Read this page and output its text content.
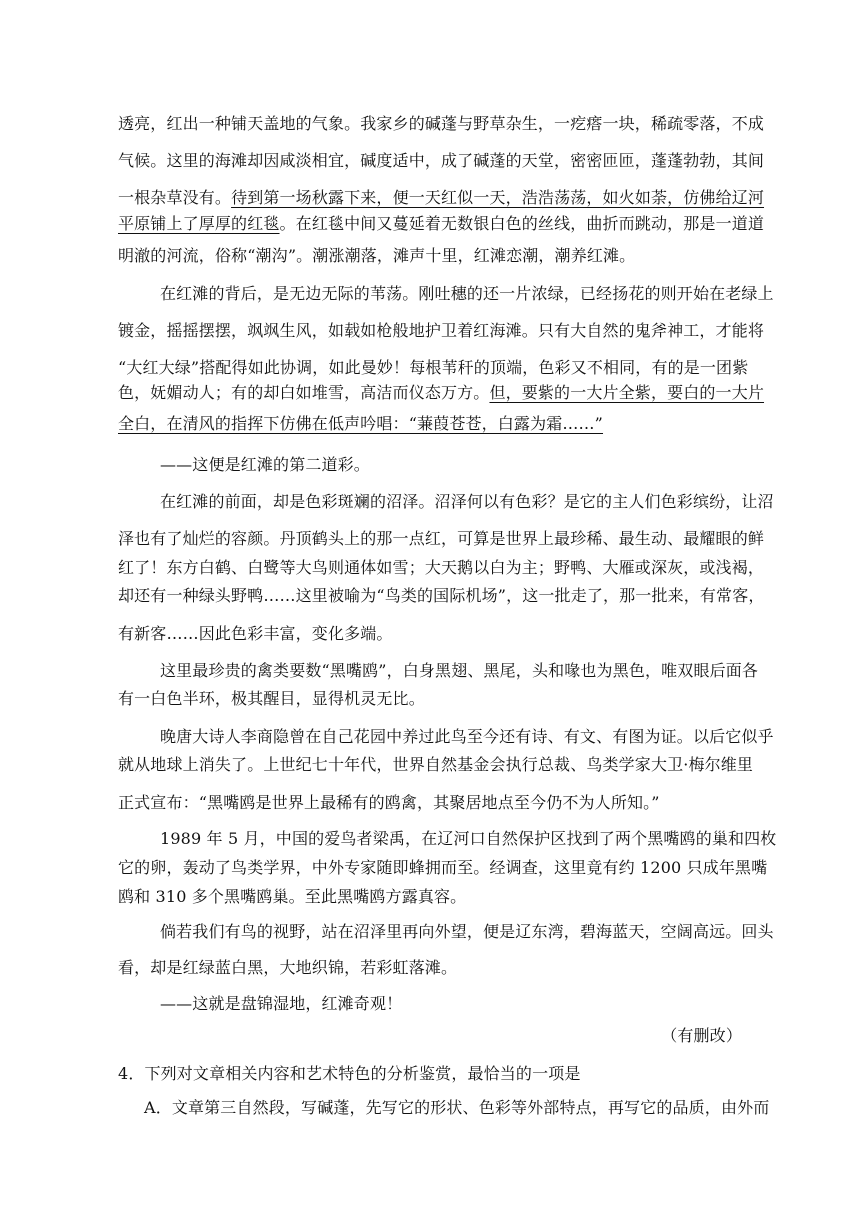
透亮，红出一种铺天盖地的气象。我家乡的碱蓬与野草杂生，一疙瘩一块，稀疏零落，不成
气候。这里的海滩却因咸淡相宜，碱度适中，成了碱蓬的天堂，密密匝匝，蓬蓬勃勃，其间
一根杂草没有。待到第一场秋露下来，便一天红似一天，浩浩荡荡，如火如荼，仿佛给辽河
平原铺上了厚厚的红毯。在红毯中间又蔓延着无数银白色的丝线，曲折而跳动，那是一道道
明澈的河流，俗称“潮沟”。潮涨潮落，滩声十里，红滩恋潮，潮养红滩。
在红滩的背后，是无边无际的苇荡。刚吐穗的还一片浓绿，已经扬花的则开始在老绿上
镀金，摇摇摆摆，飒飒生风，如载如枪般地护卫着红海滩。只有大自然的鬼斧神工，才能将
“大红大绿”搭配得如此协调，如此曼妙！每根苇秆的顶端，色彩又不相同，有的是一团紫
色，妩媚动人；有的却白如堆雪，高洁而仪态万方。但，要紫的一大片全紫，要白的一大片
全白，在清风的指挥下仿佛在低声吟唱：“蒹葭苍苍，白露为霜……”
——这便是红滩的第二道彩。
在红滩的前面，却是色彩斑斓的沼泽。沼泽何以有色彩？是它的主人们色彩缤纷，让沼
泽也有了灿烂的容颜。丹顶鹤头上的那一点红，可算是世界上最珍稀、最生动、最耀眼的鲜
红了！东方白鹤、白鹭等大鸟则通体如雪；大天鹅以白为主；野鸭、大雁或深灰，或浅褐，
却还有一种绿头野鸭……这里被喻为“鸟类的国际机场”，这一批走了，那一批来，有常客，
有新客……因此色彩丰富，变化多端。
这里最珍贵的禽类要数“黑嘴鸥”，白身黑翅、黑尾，头和喙也为黑色，唯双眼后面各
有一白色半环，极其醒目，显得机灵无比。
晚唐大诗人李商隐曾在自己花园中养过此鸟至今还有诗、有文、有图为证。以后它似乎
就从地球上消失了。上世纪七十年代，世界自然基金会执行总裁、鸟类学家大卫·梅尔维里
正式宣布：“黑嘴鸥是世界上最稀有的鸥禽，其聚居地点至今仍不为人所知。”
1989 年 5 月，中国的爱鸟者梁禹，在辽河口自然保护区找到了两个黑嘴鸥的巢和四枚
它的卵，轰动了鸟类学界，中外专家随即蜂拥而至。经调查，这里竟有约 1200 只成年黑嘴
鸥和 310 多个黑嘴鸥巢。至此黑嘴鸥方露真容。
倘若我们有鸟的视野，站在沼泽里再向外望，便是辽东湾，碧海蓝天，空阔高远。回头
看，却是红绿蓝白黑，大地织锦，若彩虹落滩。
——这就是盘锦湿地，红滩奇观！
（有删改）
4．下列对文章相关内容和艺术特色的分析鉴赏，最恰当的一项是
A．文章第三自然段，写碱蓬，先写它的形状、色彩等外部特点，再写它的品质，由外而
